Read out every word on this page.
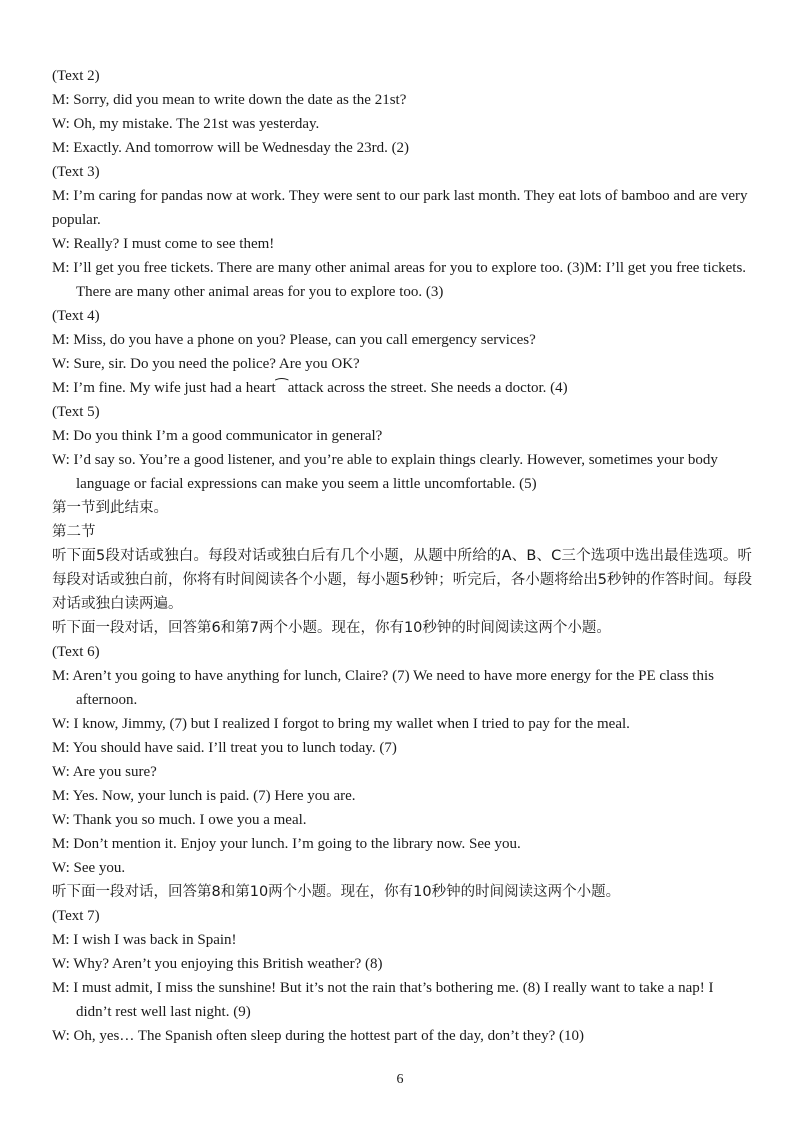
(Text 2)

M: Sorry, did you mean to write down the date as the 21st?

W: Oh, my mistake. The 21st was yesterday.

M: Exactly. And tomorrow will be Wednesday the 23rd. (2)

(Text 3)

M: I’m caring for pandas now at work. They were sent to our park last month. They eat lots of bamboo and are very popular.

W: Really? I must come to see them!

M: I’ll get you free tickets. There are many other animal areas for you to explore too. (3)M: I’ll get you free tickets. There are many other animal areas for you to explore too. (3)

(Text 4)

M: Miss, do you have a phone on you? Please, can you call emergency services?

W: Sure, sir. Do you need the police? Are you OK?

M: I’m fine. My wife just had a heart⁀attack across the street. She needs a doctor. (4)

(Text 5)

M: Do you think I’m a good communicator in general?

W: I’d say so. You’re a good listener, and you’re able to explain things clearly. However, sometimes your body language or facial expressions can make you seem a little uncomfortable. (5)

第一节到此结束。

第二节

听下面5段对话或独白。每段对话或独白后有几个小题，从题中所给的A、B、C三个选项中选出最佳选项。听每段对话或独白前，你将有时间阅读各个小题，每小题5秒钟；听完后，各小题将给出5秒钟的作答时间。每段对话或独白读两遍。

听下面一段对话，回答第6和第7两个小题。现在，你有10秒钟的时间阅读这两个小题。

(Text 6)

M: Aren’t you going to have anything for lunch, Claire? (7) We need to have more energy for the PE class this afternoon.

W: I know, Jimmy, (7) but I realized I forgot to bring my wallet when I tried to pay for the meal.

M: You should have said. I’ll treat you to lunch today. (7)

W: Are you sure?

M: Yes. Now, your lunch is paid. (7) Here you are.

W: Thank you so much. I owe you a meal.

M: Don’t mention it. Enjoy your lunch. I’m going to the library now. See you.

W: See you.

听下面一段对话，回答第8和第10两个小题。现在，你有10秒钟的时间阅读这两个小题。

(Text 7)

M: I wish I was back in Spain!

W: Why? Aren’t you enjoying this British weather? (8)

M: I must admit, I miss the sunshine! But it’s not the rain that’s bothering me. (8) I really want to take a nap! I didn’t rest well last night. (9)

W: Oh, yes… The Spanish often sleep during the hottest part of the day, don’t they? (10)

6
